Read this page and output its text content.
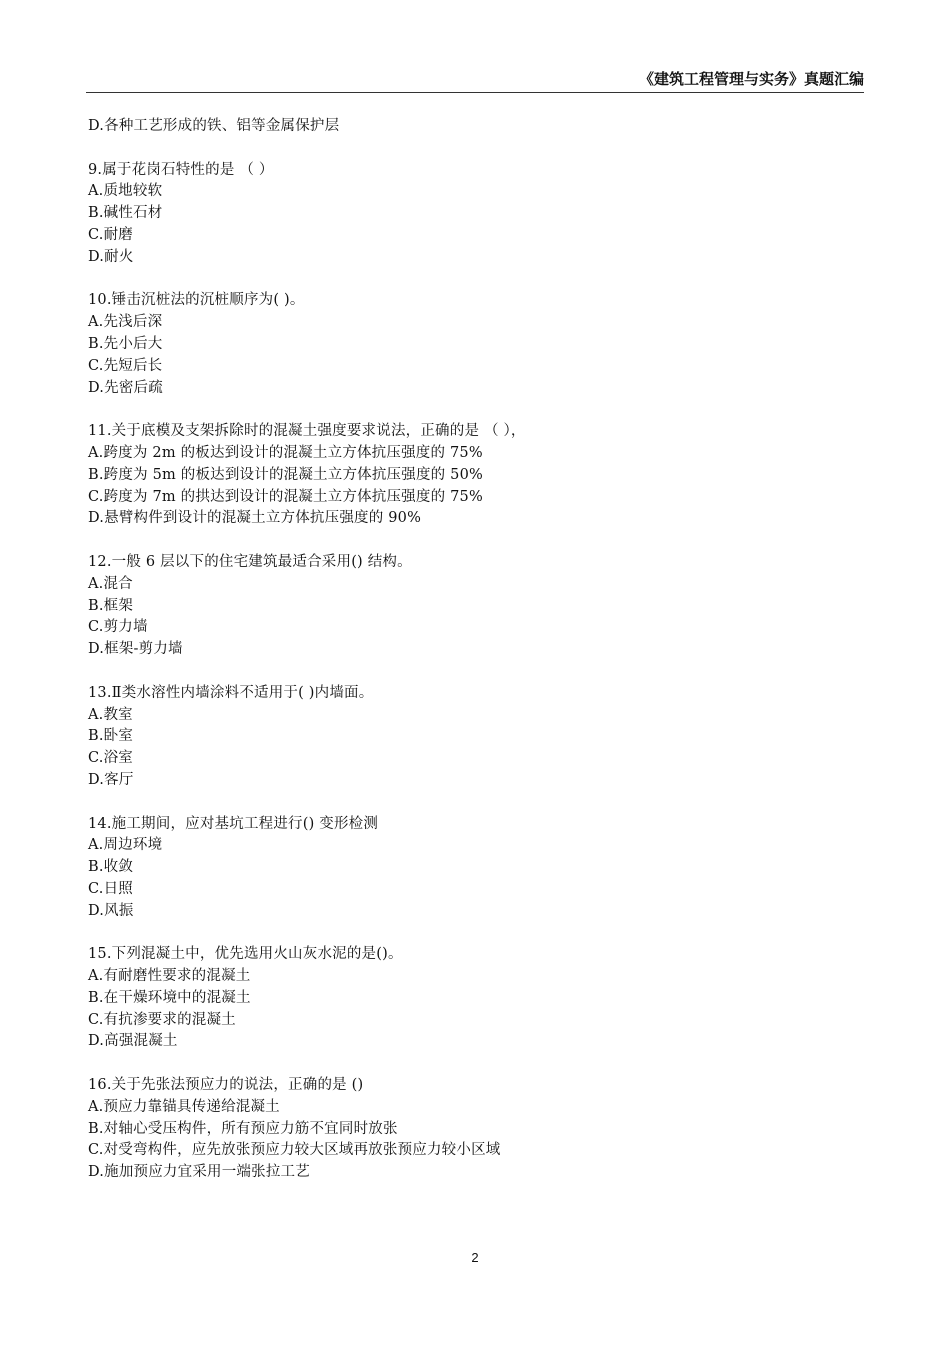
《建筑工程管理与实务》真题汇编
D.各种工艺形成的铁、铝等金属保护层
9.属于花岗石特性的是 （ ）
A.质地较软
B.碱性石材
C.耐磨
D.耐火
10.锤击沉桩法的沉桩顺序为( )。
A.先浅后深
B.先小后大
C.先短后长
D.先密后疏
11.关于底模及支架拆除时的混凝土强度要求说法，正确的是 （ ），
A.跨度为 2m 的板达到设计的混凝土立方体抗压强度的 75%
B.跨度为 5m 的板达到设计的混凝土立方体抗压强度的 50%
C.跨度为 7m 的拱达到设计的混凝土立方体抗压强度的 75%
D.悬臂构件到设计的混凝土立方体抗压强度的 90%
12.一般 6 层以下的住宅建筑最适合采用() 结构。
A.混合
B.框架
C.剪力墙
D.框架-剪力墙
13.Ⅱ类水溶性内墙涂料不适用于( )内墙面。
A.教室
B.卧室
C.浴室
D.客厅
14.施工期间，应对基坑工程进行() 变形检测
A.周边环境
B.收敛
C.日照
D.风振
15.下列混凝土中，优先选用火山灰水泥的是()。
A.有耐磨性要求的混凝土
B.在干燥环境中的混凝土
C.有抗渗要求的混凝土
D.高强混凝土
16.关于先张法预应力的说法，正确的是 ()
A.预应力靠锚具传递给混凝土
B.对轴心受压构件，所有预应力筋不宜同时放张
C.对受弯构件，应先放张预应力较大区域再放张预应力较小区域
D.施加预应力宜采用一端张拉工艺
2
